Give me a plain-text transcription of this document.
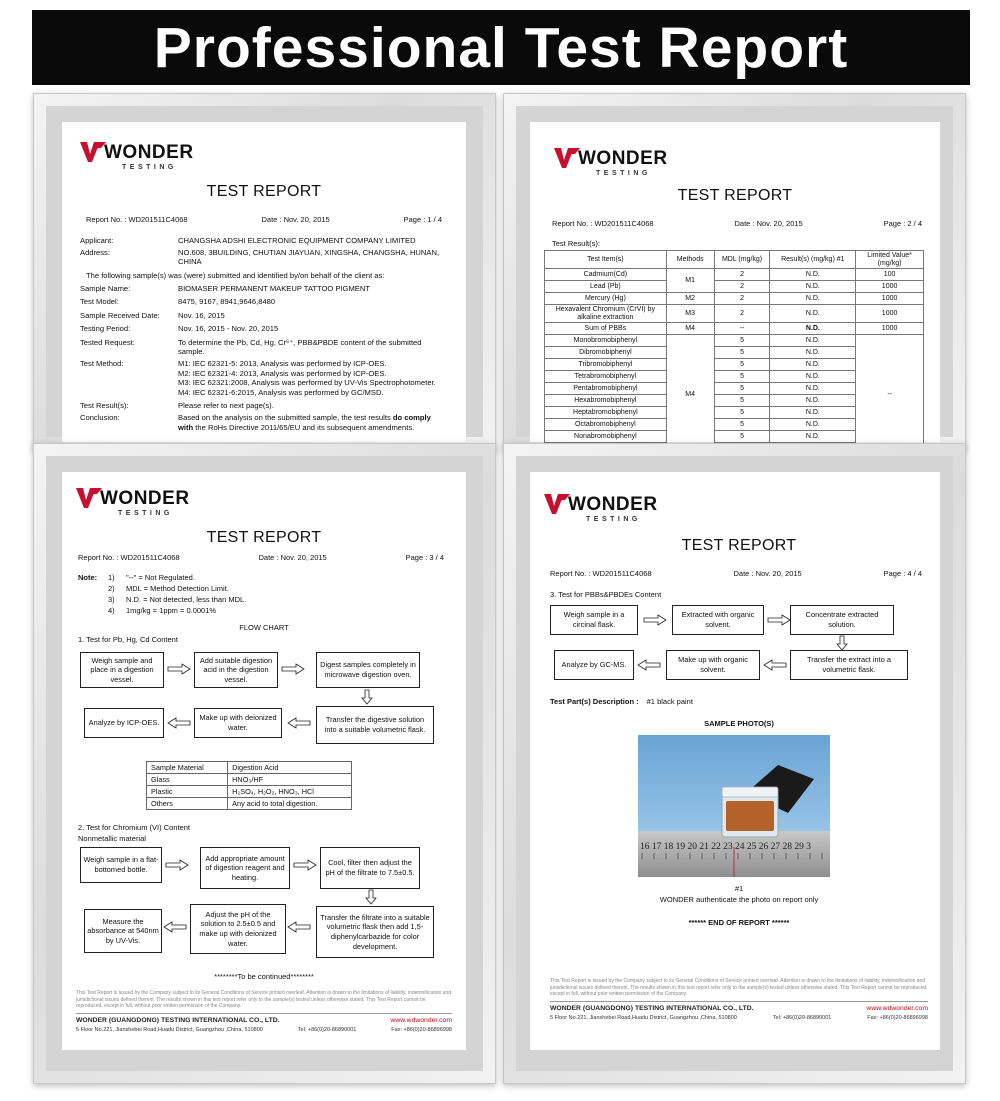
Professional Test Report
WONDER
TESTING
TEST REPORT
Report No. : WD201511C4068	Date : Nov. 20, 2015	Page : 1 / 4
Applicant:	CHANGSHA ADSHI ELECTRONIC EQUIPMENT COMPANY LIMITED
Address:	NO.608, 3BUILDING, CHUTIAN JIAYUAN, XINGSHA, CHANGSHA, HUNAN, CHINA
The following sample(s) was (were) submitted and identified by/on behalf of the client as:
Sample Name:	BIOMASER PERMANENT MAKEUP TATTOO PIGMENT
Test Model:	8475, 9167, 8941,9646,8480
Sample Received Date:	Nov. 16, 2015
Testing Period:	Nov. 16, 2015 - Nov. 20, 2015
Tested Request:	To determine the Pb, Cd, Hg, Cr⁶⁺, PBB&PBDE content of the submitted sample.
Test Method:	M1: IEC 62321-5: 2013, Analysis was performed by ICP-OES.
M2: IEC 62321-4: 2013, Analysis was performed by ICP-OES.
M3: IEC 62321:2008, Analysis was performed by UV-Vis Spectrophotometer.
M4: IEC 62321-6:2015, Analysis was performed by GC/MSD.
Test Result(s):	Please refer to next page(s).
Conclusion:	Based on the analysis on the submitted sample, the test results do comply with the RoHs Directive 2011/65/EU and its subsequent amendments.
WONDER
TESTING
TEST REPORT
Report No. : WD201511C4068	Date : Nov. 20, 2015	Page : 2 / 4
Test Result(s):
Test Item(s)	Methods	MDL (mg/kg)	Result(s) (mg/kg) #1	Limited Value* (mg/kg)
Cadmium(Cd)	M1	2	N.D.	100
Lead (Pb)		2	N.D.	1000
Mercury (Hg)	M2	2	N.D.	1000
Hexavalent Chromium (CrVI) by alkaline extraction	M3	2	N.D.	1000
Sum of PBBs	M4	--	N.D.	1000
Monobromobiphenyl	M4	5	N.D.	--
Dibromobiphenyl		5	N.D.	
Tribromobiphenyl		5	N.D.	
Tetrabromobiphenyl		5	N.D.	
Pentabromobiphenyl		5	N.D.	
Hexabromobiphenyl		5	N.D.	
Heptabromobiphenyl		5	N.D.	
Octabromobiphenyl		5	N.D.	
Nonabromobiphenyl		5	N.D.	

WONDER
TESTING
TEST REPORT
Report No. : WD201511C4068	Date : Nov. 20, 2015	Page : 3 / 4
Note:	1)	"--" = Not Regulated.
2)	MDL = Method Detection Limit.
3)	N.D. = Not detected, less than MDL.
4)	1mg/kg = 1ppm = 0.0001%
FLOW CHART
1. Test for Pb, Hg, Cd Content
Weigh sample and place in a digestion vessel.
Add suitable digestion acid in the digestion vessel.
Digest samples completely in microwave digestion oven.
Transfer the digestive solution into a suitable volumetric flask.
Make up with deionized water.
Analyze by ICP-OES.
Sample Material	Digestion Acid
Glass	HNO₃/HF
Plastic	H₂SO₄, H₂O₂, HNO₃, HCl
Others	Any acid to total digestion.
2. Test for Chromium (VI) Content
Nonmetallic material
Weigh sample in a flat-bottomed bottle.
Add appropriate amount of digestion reagent and heating.
Cool, filter then adjust the pH of the filtrate to 7.5±0.5.
Transfer the filtrate into a suitable volumetric flask then add 1,5-diphenylcarbazide for color development.
Adjust the pH of the solution to 2.5±0.5 and make up with deionized water.
Measure the absorbance at 540nm by UV-Vis.
********To be continued********
This Test Report is issued by the Company subject to its General Conditions of Service printed overleaf. Attention is drawn to the limitations of liability, indemnification and jurisdictional issues defined therein. The results shown in this test report refer only to the sample(s) tested unless otherwise stated. This Test Report cannot be reproduced, except in full, without prior written permission of the Company.
WONDER (GUANGDONG) TESTING INTERNATIONAL CO., LTD.	www.wdwonder.com
5 Floor No.221, Jianshebei Road,Huadu District, Guangzhou ,China, 510800	Tel: +86(0)20-86890001	Fax: +86(0)20-86896998
WONDER
TESTING
TEST REPORT
Report No. : WD201511C4068	Date : Nov. 20, 2015	Page : 4 / 4
3. Test for PBBs&PBDEs Content
Weigh sample in a circinal flask.
Extracted with organic solvent.
Concentrate extracted solution.
Transfer the extract into a volumetric flask.
Make up with organic solvent.
Analyze by GC-MS.
Test Part(s) Description : #1 black paint
SAMPLE PHOTO(S)
16 17 18 19 20 21 22 23 24 25 26 27 28 29 3
#1
WONDER authenticate the photo on report only
****** END OF REPORT ******
This Test Report is issued by the Company subject to its General Conditions of Service printed overleaf. Attention is drawn to the limitations of liability, indemnification and jurisdictional issues defined therein. The results shown in this test report refer only to the sample(s) tested unless otherwise stated. This Test Report cannot be reproduced, except in full, without prior written permission of the Company.
WONDER (GUANGDONG) TESTING INTERNATIONAL CO., LTD.	www.wdwonder.com
5 Floor No.221, Jianshebei Road,Huadu District, Guangzhou ,China, 510800	Tel: +86(0)20-86890001	Fax: +86(0)20-86896998
